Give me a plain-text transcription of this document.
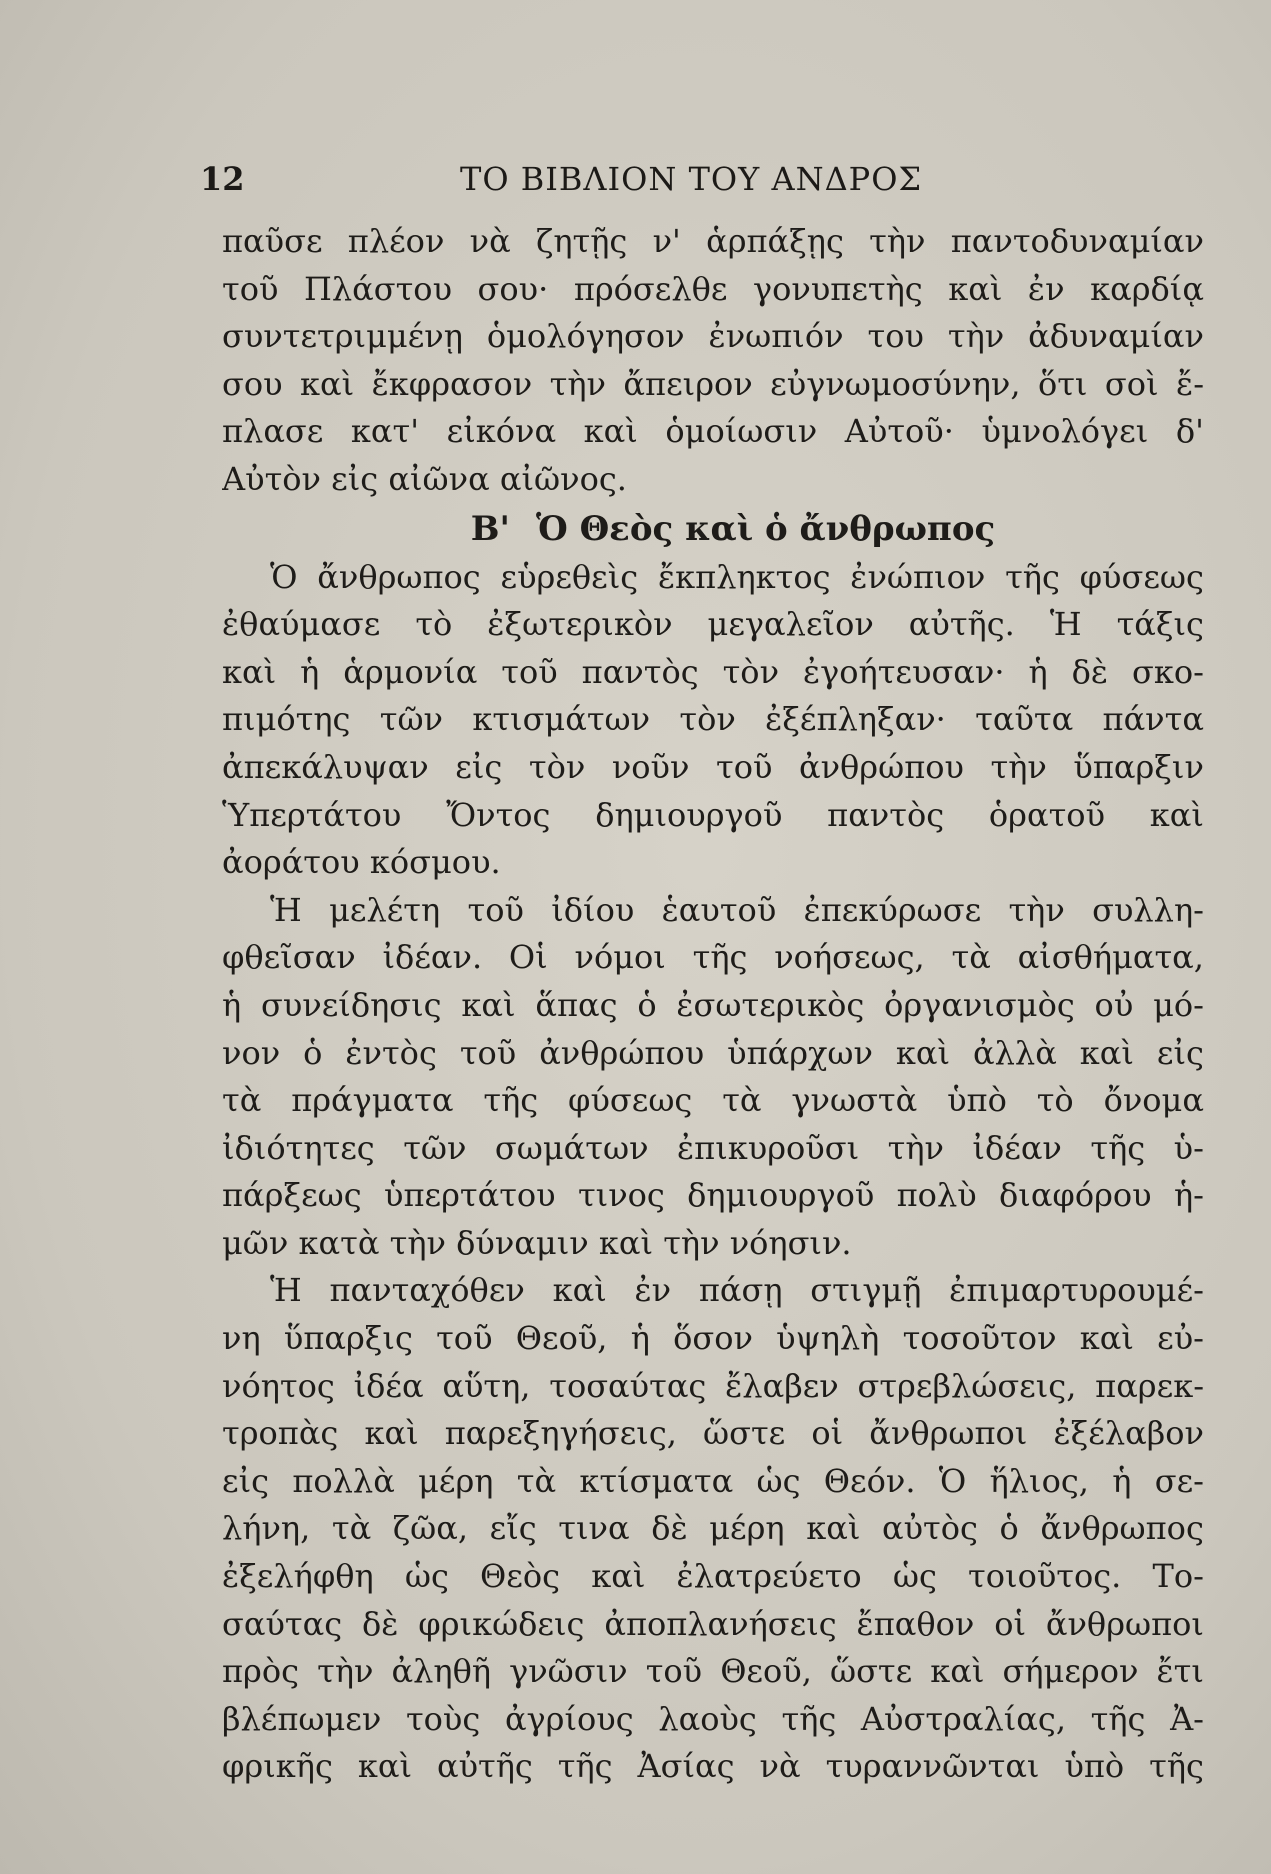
12	ΤΟ ΒΙΒΛΙΟΝ ΤΟΥ ΑΝΔΡΟΣ
παῦσε πλέον νὰ ζητῇς ν' ἁρπάξῃς τὴν παντοδυναμίαν
τοῦ Πλάστου σου· πρόσελθε γονυπετὴς καὶ ἐν καρδίᾳ
συντετριμμένῃ ὁμολόγησον ἐνωπιόν του τὴν ἀδυναμίαν
σου καὶ ἔκφρασον τὴν ἄπειρον εὐγνωμοσύνην, ὅτι σοὶ ἔ-
πλασε κατ' εἰκόνα καὶ ὁμοίωσιν Αὐτοῦ· ὑμνολόγει δ'
Αὐτὸν εἰς αἰῶνα αἰῶνος.
Β' Ὁ Θεὸς καὶ ὁ ἄνθρωπος
Ὁ ἄνθρωπος εὑρεθεὶς ἔκπληκτος ἐνώπιον τῆς φύσεως
ἐθαύμασε τὸ ἐξωτερικὸν μεγαλεῖον αὐτῆς. Ἡ τάξις
καὶ ἡ ἁρμονία τοῦ παντὸς τὸν ἐγοήτευσαν· ἡ δὲ σκο-
πιμότης τῶν κτισμάτων τὸν ἐξέπληξαν· ταῦτα πάντα
ἀπεκάλυψαν εἰς τὸν νοῦν τοῦ ἀνθρώπου τὴν ὕπαρξιν
Ὑπερτάτου Ὄντος δημιουργοῦ παντὸς ὁρατοῦ καὶ
ἀοράτου κόσμου.
Ἡ μελέτη τοῦ ἰδίου ἑαυτοῦ ἐπεκύρωσε τὴν συλλη-
φθεῖσαν ἰδέαν. Οἱ νόμοι τῆς νοήσεως, τὰ αἰσθήματα,
ἡ συνείδησις καὶ ἅπας ὁ ἐσωτερικὸς ὀργανισμὸς οὐ μό-
νον ὁ ἐντὸς τοῦ ἀνθρώπου ὑπάρχων καὶ ἀλλὰ καὶ εἰς
τὰ πράγματα τῆς φύσεως τὰ γνωστὰ ὑπὸ τὸ ὄνομα
ἰδιότητες τῶν σωμάτων ἐπικυροῦσι τὴν ἰδέαν τῆς ὑ-
πάρξεως ὑπερτάτου τινος δημιουργοῦ πολὺ διαφόρου ἡ-
μῶν κατὰ τὴν δύναμιν καὶ τὴν νόησιν.
Ἡ πανταχόθεν καὶ ἐν πάσῃ στιγμῇ ἐπιμαρτυρουμέ-
νη ὕπαρξις τοῦ Θεοῦ, ἡ ὅσον ὑψηλὴ τοσοῦτον καὶ εὐ-
νόητος ἰδέα αὕτη, τοσαύτας ἔλαβεν στρεβλώσεις, παρεκ-
τροπὰς καὶ παρεξηγήσεις, ὥστε οἱ ἄνθρωποι ἐξέλαβον
εἰς πολλὰ μέρη τὰ κτίσματα ὡς Θεόν. Ὁ ἥλιος, ἡ σε-
λήνη, τὰ ζῶα, εἴς τινα δὲ μέρη καὶ αὐτὸς ὁ ἄνθρωπος
ἐξελήφθη ὡς Θεὸς καὶ ἐλατρεύετο ὡς τοιοῦτος. Το-
σαύτας δὲ φρικώδεις ἀποπλανήσεις ἔπαθον οἱ ἄνθρωποι
πρὸς τὴν ἀληθῆ γνῶσιν τοῦ Θεοῦ, ὥστε καὶ σήμερον ἔτι
βλέπωμεν τοὺς ἀγρίους λαοὺς τῆς Αὐστραλίας, τῆς Ἀ-
φρικῆς καὶ αὐτῆς τῆς Ἀσίας νὰ τυραννῶνται ὑπὸ τῆς
